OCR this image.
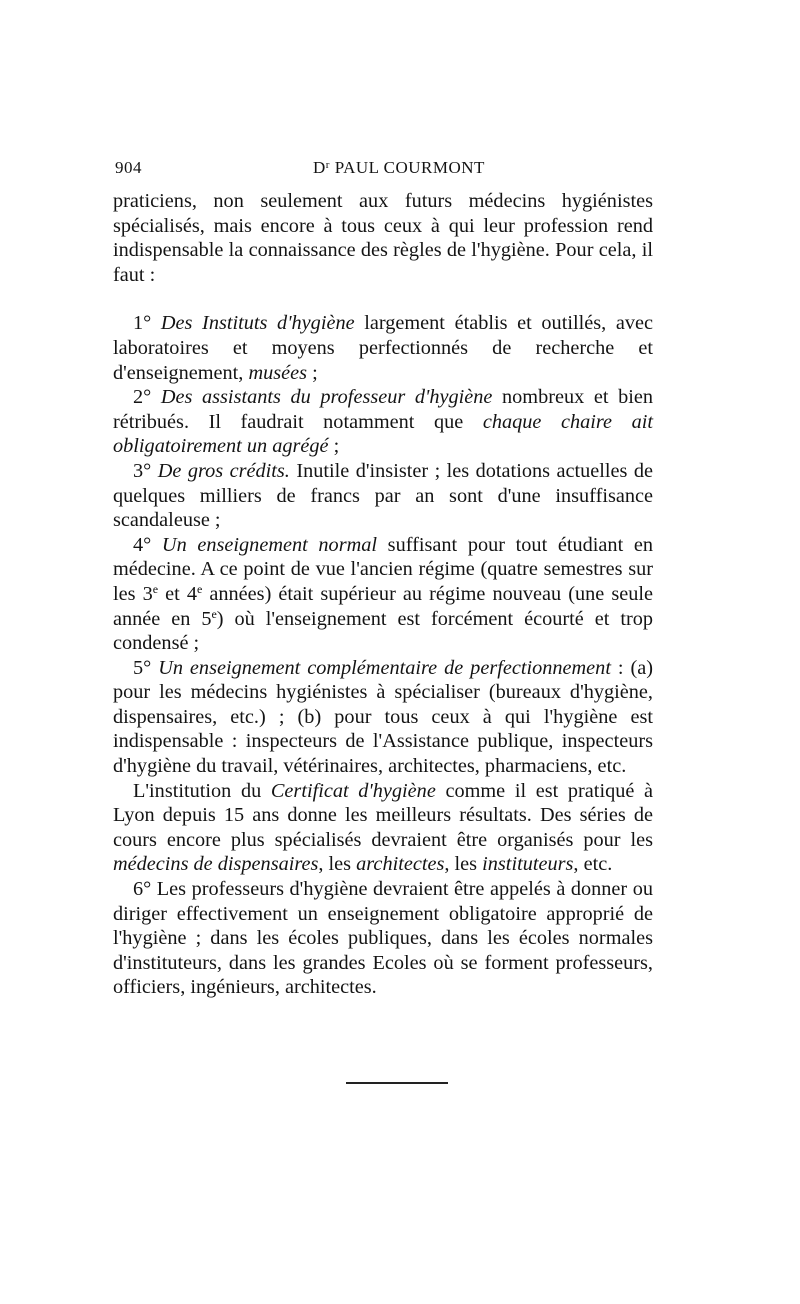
904	$D^r$ PAUL COURMONT

praticiens, non seulement aux futurs médecins hygiénistes spécialisés, mais encore à tous ceux à qui leur profession rend indispensable la connaissance des règles de l'hygiène. Pour cela, il faut :

1° Des Instituts d'hygiène largement établis et outillés, avec laboratoires et moyens perfectionnés de recherche et d'enseignement, musées ;

2° Des assistants du professeur d'hygiène nombreux et bien rétribués. Il faudrait notamment que chaque chaire ait obligatoirement un agrégé ;

3° De gros crédits. Inutile d'insister ; les dotations actuelles de quelques milliers de francs par an sont d'une insuffisance scandaleuse ;

4° Un enseignement normal suffisant pour tout étudiant en médecine. A ce point de vue l'ancien régime (quatre semestres sur les 3e et 4e années) était supérieur au régime nouveau (une seule année en 5e) où l'enseignement est forcément écourté et trop condensé ;

5° Un enseignement complémentaire de perfectionnement : (a) pour les médecins hygiénistes à spécialiser (bureaux d'hygiène, dispensaires, etc.) ; (b) pour tous ceux à qui l'hygiène est indispensable : inspecteurs de l'Assistance publique, inspecteurs d'hygiène du travail, vétérinaires, architectes, pharmaciens, etc.

L'institution du Certificat d'hygiène comme il est pratiqué à Lyon depuis 15 ans donne les meilleurs résultats. Des séries de cours encore plus spécialisés devraient être organisés pour les médecins de dispensaires, les architectes, les instituteurs, etc.

6° Les professeurs d'hygiène devraient être appelés à donner ou diriger effectivement un enseignement obligatoire approprié de l'hygiène ; dans les écoles publiques, dans les écoles normales d'instituteurs, dans les grandes Ecoles où se forment professeurs, officiers, ingénieurs, architectes.
